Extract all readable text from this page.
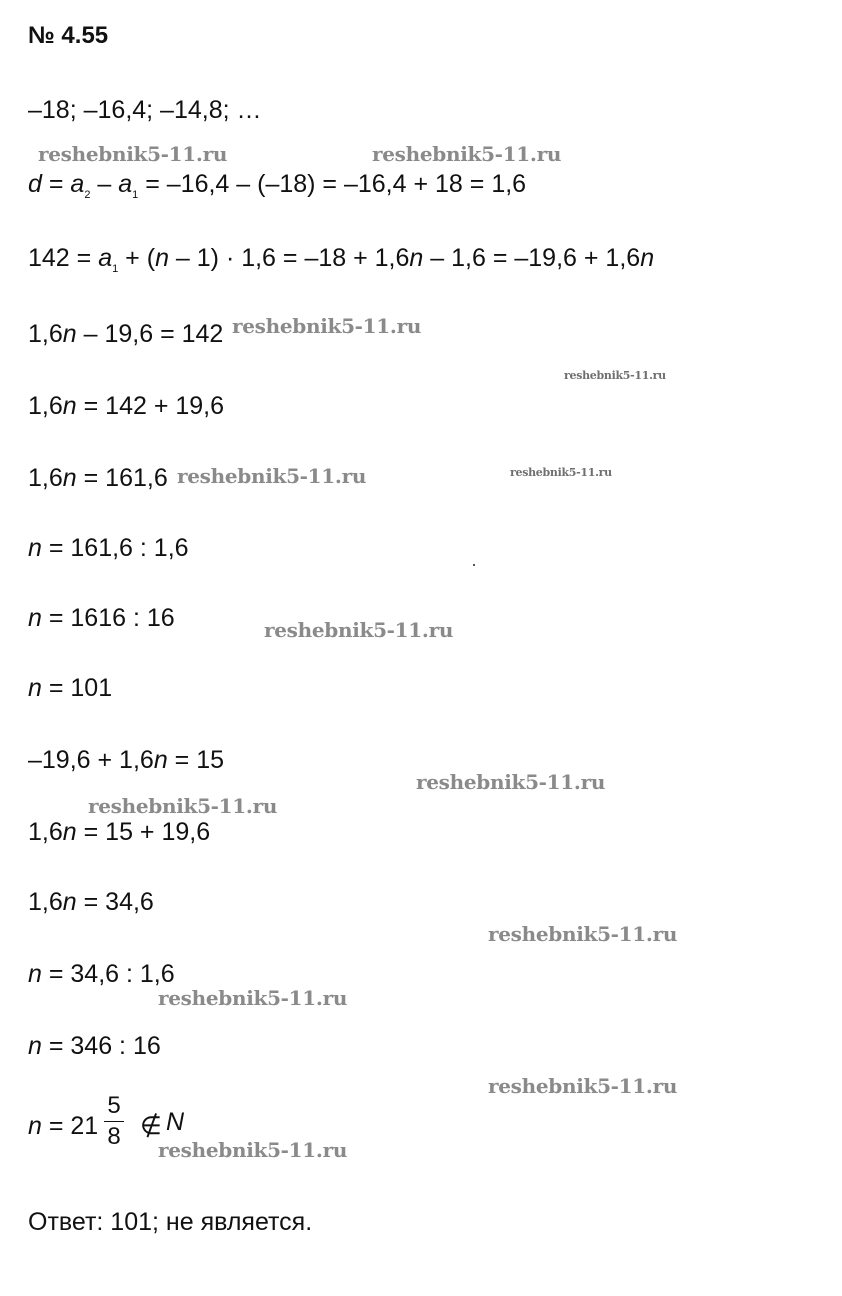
№ 4.55
–18; –16,4; –14,8; …
$d = a_2 - a_1 = -16,4 - (-18) = -16,4 + 18 = 1,6$
$142 = a_1 + (n - 1) \cdot 1,6 = -18 + 1,6n - 1,6 = -19,6 + 1,6n$
1,6n – 19,6 = 142
1,6n = 142 + 19,6
1,6n = 161,6
n = 161,6 : 1,6
n = 1616 : 16
n = 101
–19,6 + 1,6n = 15
1,6n = 15 + 19,6
1,6n = 34,6
n = 34,6 : 1,6
n = 346 : 16
n = 21
5
8 ∉ N
Ответ: 101; не является.
reshebnik5-11.ru	reshebnik5-11.ru
reshebnik5-11.ru
reshebnik5-11.ru
reshebnik5-11.ru	reshebnik5-11.ru
reshebnik5-11.ru
reshebnik5-11.ru
reshebnik5-11.ru
reshebnik5-11.ru
reshebnik5-11.ru
reshebnik5-11.ru
reshebnik5-11.ru
